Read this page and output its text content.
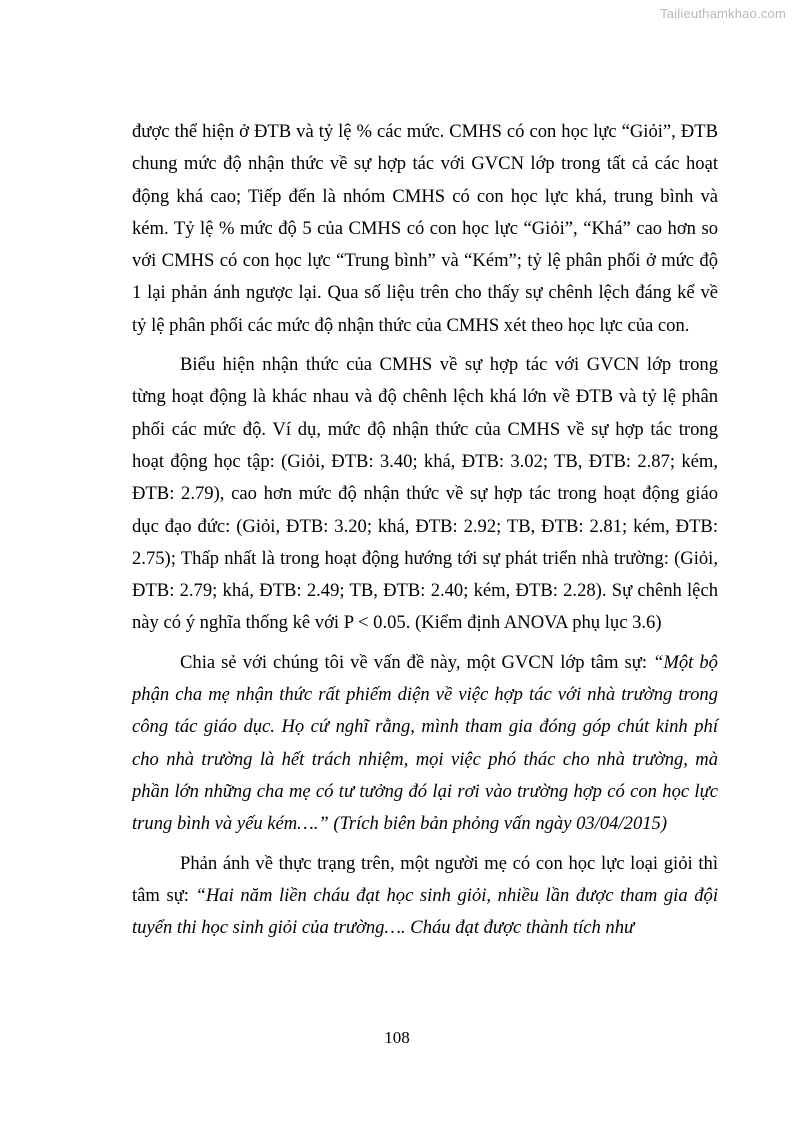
Tailieuthamkhao.com

được thể hiện ở ĐTB và tỷ lệ % các mức. CMHS có con học lực “Giỏi”, ĐTB chung mức độ nhận thức về sự hợp tác với GVCN lớp trong tất cả các hoạt động khá cao; Tiếp đến là nhóm CMHS có con học lực khá, trung bình và kém. Tỷ lệ % mức độ 5 của CMHS có con học lực “Giỏi”, “Khá” cao hơn so với CMHS có con học lực “Trung bình” và “Kém”; tỷ lệ phân phối ở mức độ 1 lại phản ánh ngược lại. Qua số liệu trên cho thấy sự chênh lệch đáng kể về tỷ lệ phân phối các mức độ nhận thức của CMHS xét theo học lực của con.

Biểu hiện nhận thức của CMHS về sự hợp tác với GVCN lớp trong từng hoạt động là khác nhau và độ chênh lệch khá lớn về ĐTB và tỷ lệ phân phối các mức độ. Ví dụ, mức độ nhận thức của CMHS về sự hợp tác trong hoạt động học tập: (Giỏi, ĐTB: 3.40; khá, ĐTB: 3.02; TB, ĐTB: 2.87; kém, ĐTB: 2.79), cao hơn mức độ nhận thức về sự hợp tác trong hoạt động giáo dục đạo đức: (Giỏi, ĐTB: 3.20; khá, ĐTB: 2.92; TB, ĐTB: 2.81; kém, ĐTB: 2.75); Thấp nhất là trong hoạt động hướng tới sự phát triển nhà trường: (Giỏi, ĐTB: 2.79; khá, ĐTB: 2.49; TB, ĐTB: 2.40; kém, ĐTB: 2.28). Sự chênh lệch này có ý nghĩa thống kê với P < 0.05. (Kiểm định ANOVA phụ lục 3.6)

Chia sẻ với chúng tôi về vấn đề này, một GVCN lớp tâm sự: “Một bộ phận cha mẹ nhận thức rất phiếm diện về việc hợp tác với nhà trường trong công tác giáo dục. Họ cứ nghĩ rằng, mình tham gia đóng góp chút kinh phí cho nhà trường là hết trách nhiệm, mọi việc phó thác cho nhà trường, mà phần lớn những cha mẹ có tư tưởng đó lại rơi vào trường hợp có con học lực trung bình và yếu kém….” (Trích biên bản phỏng vấn ngày 03/04/2015)

Phản ánh về thực trạng trên, một người mẹ có con học lực loại giỏi thì tâm sự: “Hai năm liền cháu đạt học sinh giỏi, nhiều lần được tham gia đội tuyển thi học sinh giỏi của trường…. Cháu đạt được thành tích như

108
